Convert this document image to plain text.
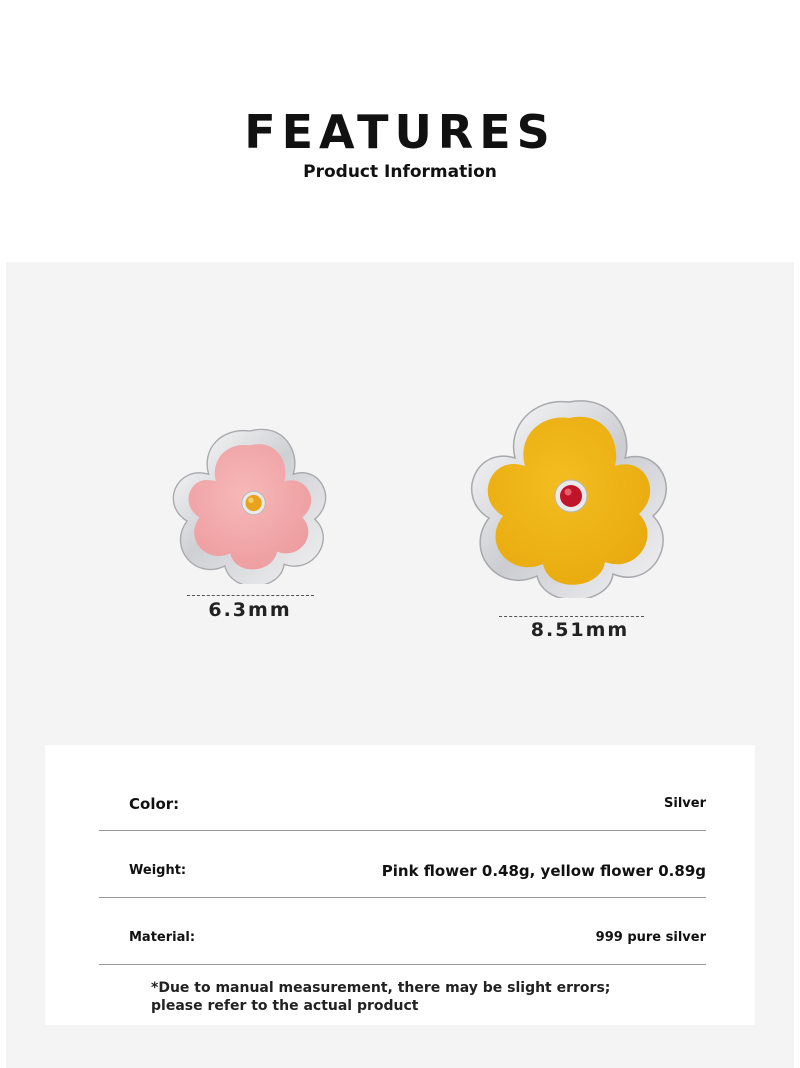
FEATURES
Product Information
6.3mm
8.51mm
Color:	Silver
Weight:	Pink flower 0.48g, yellow flower 0.89g
Material:	999 pure silver
*Due to manual measurement, there may be slight errors; please refer to the actual product
